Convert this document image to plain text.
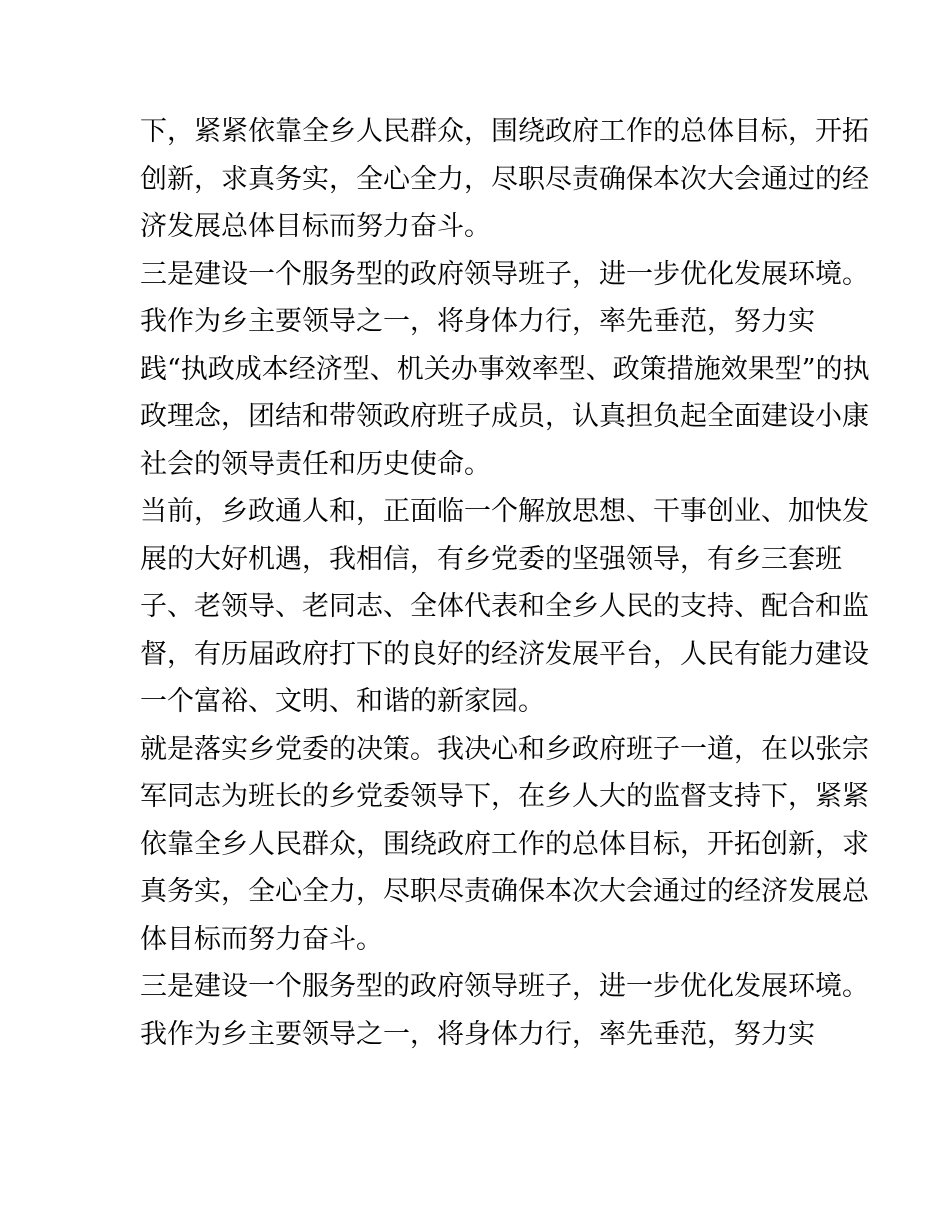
下，紧紧依靠全乡人民群众，围绕政府工作的总体目标，开拓
创新，求真务实，全心全力，尽职尽责确保本次大会通过的经
济发展总体目标而努力奋斗。
三是建设一个服务型的政府领导班子，进一步优化发展环境。
我作为乡主要领导之一，将身体力行，率先垂范，努力实
践“执政成本经济型、机关办事效率型、政策措施效果型”的执
政理念，团结和带领政府班子成员，认真担负起全面建设小康
社会的领导责任和历史使命。
当前，乡政通人和，正面临一个解放思想、干事创业、加快发
展的大好机遇，我相信，有乡党委的坚强领导，有乡三套班
子、老领导、老同志、全体代表和全乡人民的支持、配合和监
督，有历届政府打下的良好的经济发展平台，人民有能力建设
一个富裕、文明、和谐的新家园。
就是落实乡党委的决策。我决心和乡政府班子一道，在以张宗
军同志为班长的乡党委领导下，在乡人大的监督支持下，紧紧
依靠全乡人民群众，围绕政府工作的总体目标，开拓创新，求
真务实，全心全力，尽职尽责确保本次大会通过的经济发展总
体目标而努力奋斗。
三是建设一个服务型的政府领导班子，进一步优化发展环境。
我作为乡主要领导之一，将身体力行，率先垂范，努力实
